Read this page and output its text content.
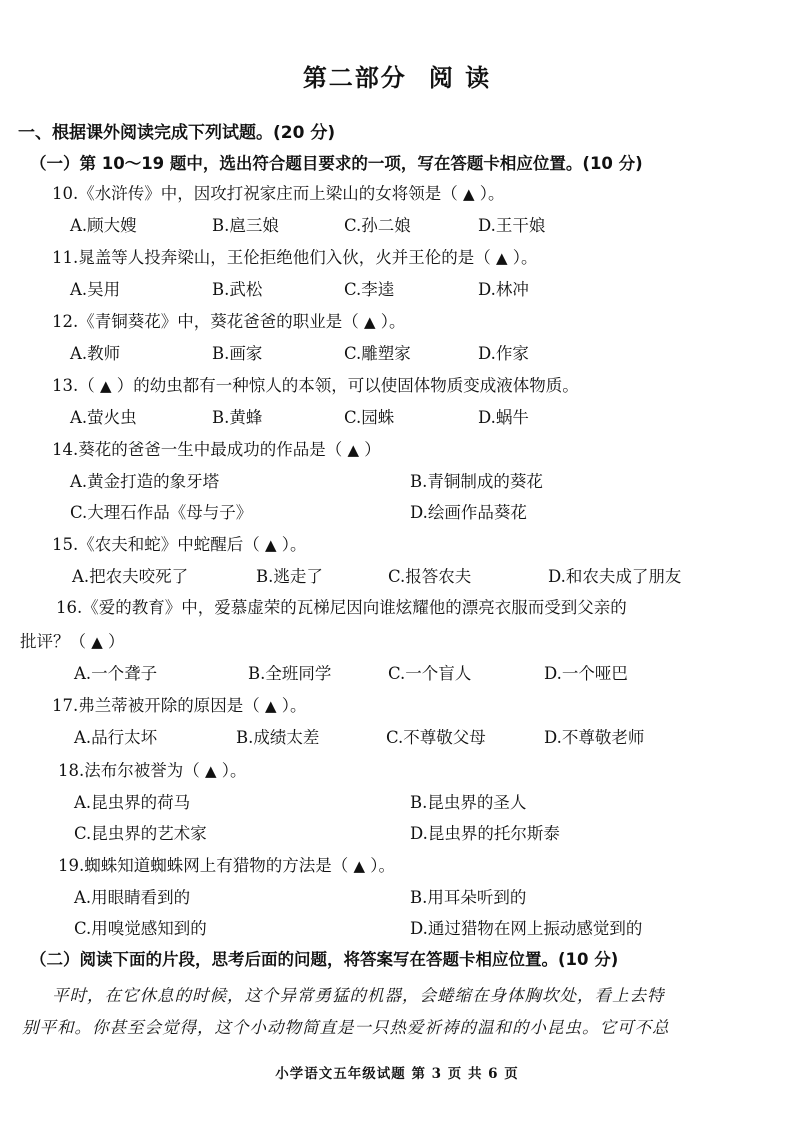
第二部分 阅 读
一、根据课外阅读完成下列试题。(20 分)
（一）第 10～19 题中，选出符合题目要求的一项，写在答题卡相应位置。(10 分)
10.《水浒传》中，因攻打祝家庄而上梁山的女将领是（ ▲ ）。
A.顾大嫂	B.扈三娘	C.孙二娘	D.王干娘
11.晁盖等人投奔梁山，王伦拒绝他们入伙，火并王伦的是（ ▲ ）。
A.吴用	B.武松	C.李逵	D.林冲
12.《青铜葵花》中，葵花爸爸的职业是（ ▲ ）。
A.教师	B.画家	C.雕塑家	D.作家
13.（ ▲ ）的幼虫都有一种惊人的本领，可以使固体物质变成液体物质。
A.萤火虫	B.黄蜂	C.园蛛	D.蜗牛
14.葵花的爸爸一生中最成功的作品是（ ▲ ）
A.黄金打造的象牙塔	B.青铜制成的葵花
C.大理石作品《母与子》	D.绘画作品葵花
15.《农夫和蛇》中蛇醒后（ ▲ ）。
A.把农夫咬死了	B.逃走了	C.报答农夫	D.和农夫成了朋友
16.《爱的教育》中，爱慕虚荣的瓦梯尼因向谁炫耀他的漂亮衣服而受到父亲的
批评？（ ▲ ）
A.一个聋子	B.全班同学	C.一个盲人	D.一个哑巴
17.弗兰蒂被开除的原因是（ ▲ ）。
A.品行太坏	B.成绩太差	C.不尊敬父母	D.不尊敬老师
18.法布尔被誉为（ ▲ ）。
A.昆虫界的荷马	B.昆虫界的圣人
C.昆虫界的艺术家	D.昆虫界的托尔斯泰
19.蜘蛛知道蜘蛛网上有猎物的方法是（ ▲ ）。
A.用眼睛看到的	B.用耳朵听到的
C.用嗅觉感知到的	D.通过猎物在网上振动感觉到的
（二）阅读下面的片段，思考后面的问题，将答案写在答题卡相应位置。(10 分)
平时，在它休息的时候，这个异常勇猛的机器，会蜷缩在身体胸坎处，看上去特
别平和。你甚至会觉得，这个小动物简直是一只热爱祈祷的温和的小昆虫。它可不总
小学语文五年级试题 第 3 页 共 6 页
